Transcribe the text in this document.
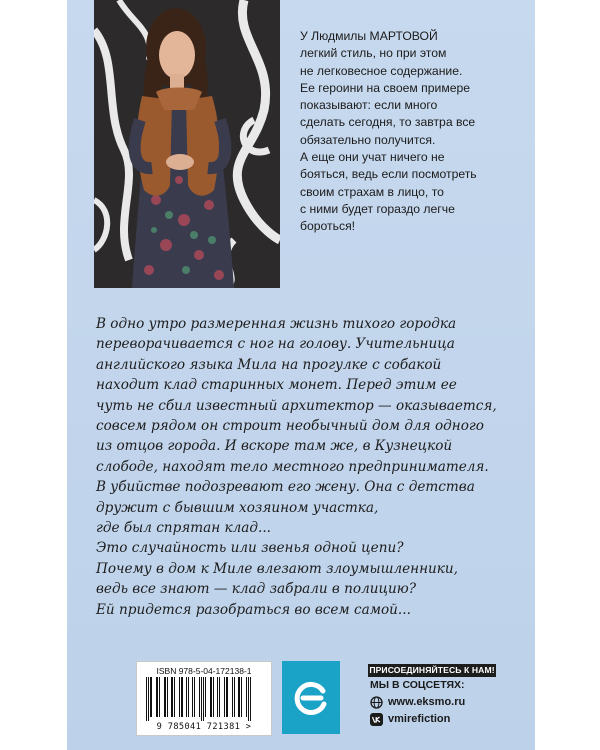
У Людмилы МАРТОВОЙ
легкий стиль, но при этом
не легковесное содержание.
Ее героини на своем примере
показывают: если много
сделать сегодня, то завтра все
обязательно получится.
А еще они учат ничего не
бояться, ведь если посмотреть
своим страхам в лицо, то
с ними будет гораздо легче
бороться!
В одно утро размеренная жизнь тихого городка
переворачивается с ног на голову. Учительница
английского языка Мила на прогулке с собакой
находит клад старинных монет. Перед этим ее
чуть не сбил известный архитектор — оказывается,
совсем рядом он строит необычный дом для одного
из отцов города. И вскоре там же, в Кузнецкой
слободе, находят тело местного предпринимателя.
В убийстве подозревают его жену. Она с детства
дружит с бывшим хозяином участка,
где был спрятан клад...
Это случайность или звенья одной цепи?
Почему в дом к Миле влезают злоумышленники,
ведь все знают — клад забрали в полицию?
Ей придется разобраться во всем самой...
ISBN 978-5-04-172138-1
9 785041 721381 >
ПРИСОЕДИНЯЙТЕСЬ К НАМ!
МЫ В СОЦСЕТЯХ:
www.eksmo.ru
vmirefiction
